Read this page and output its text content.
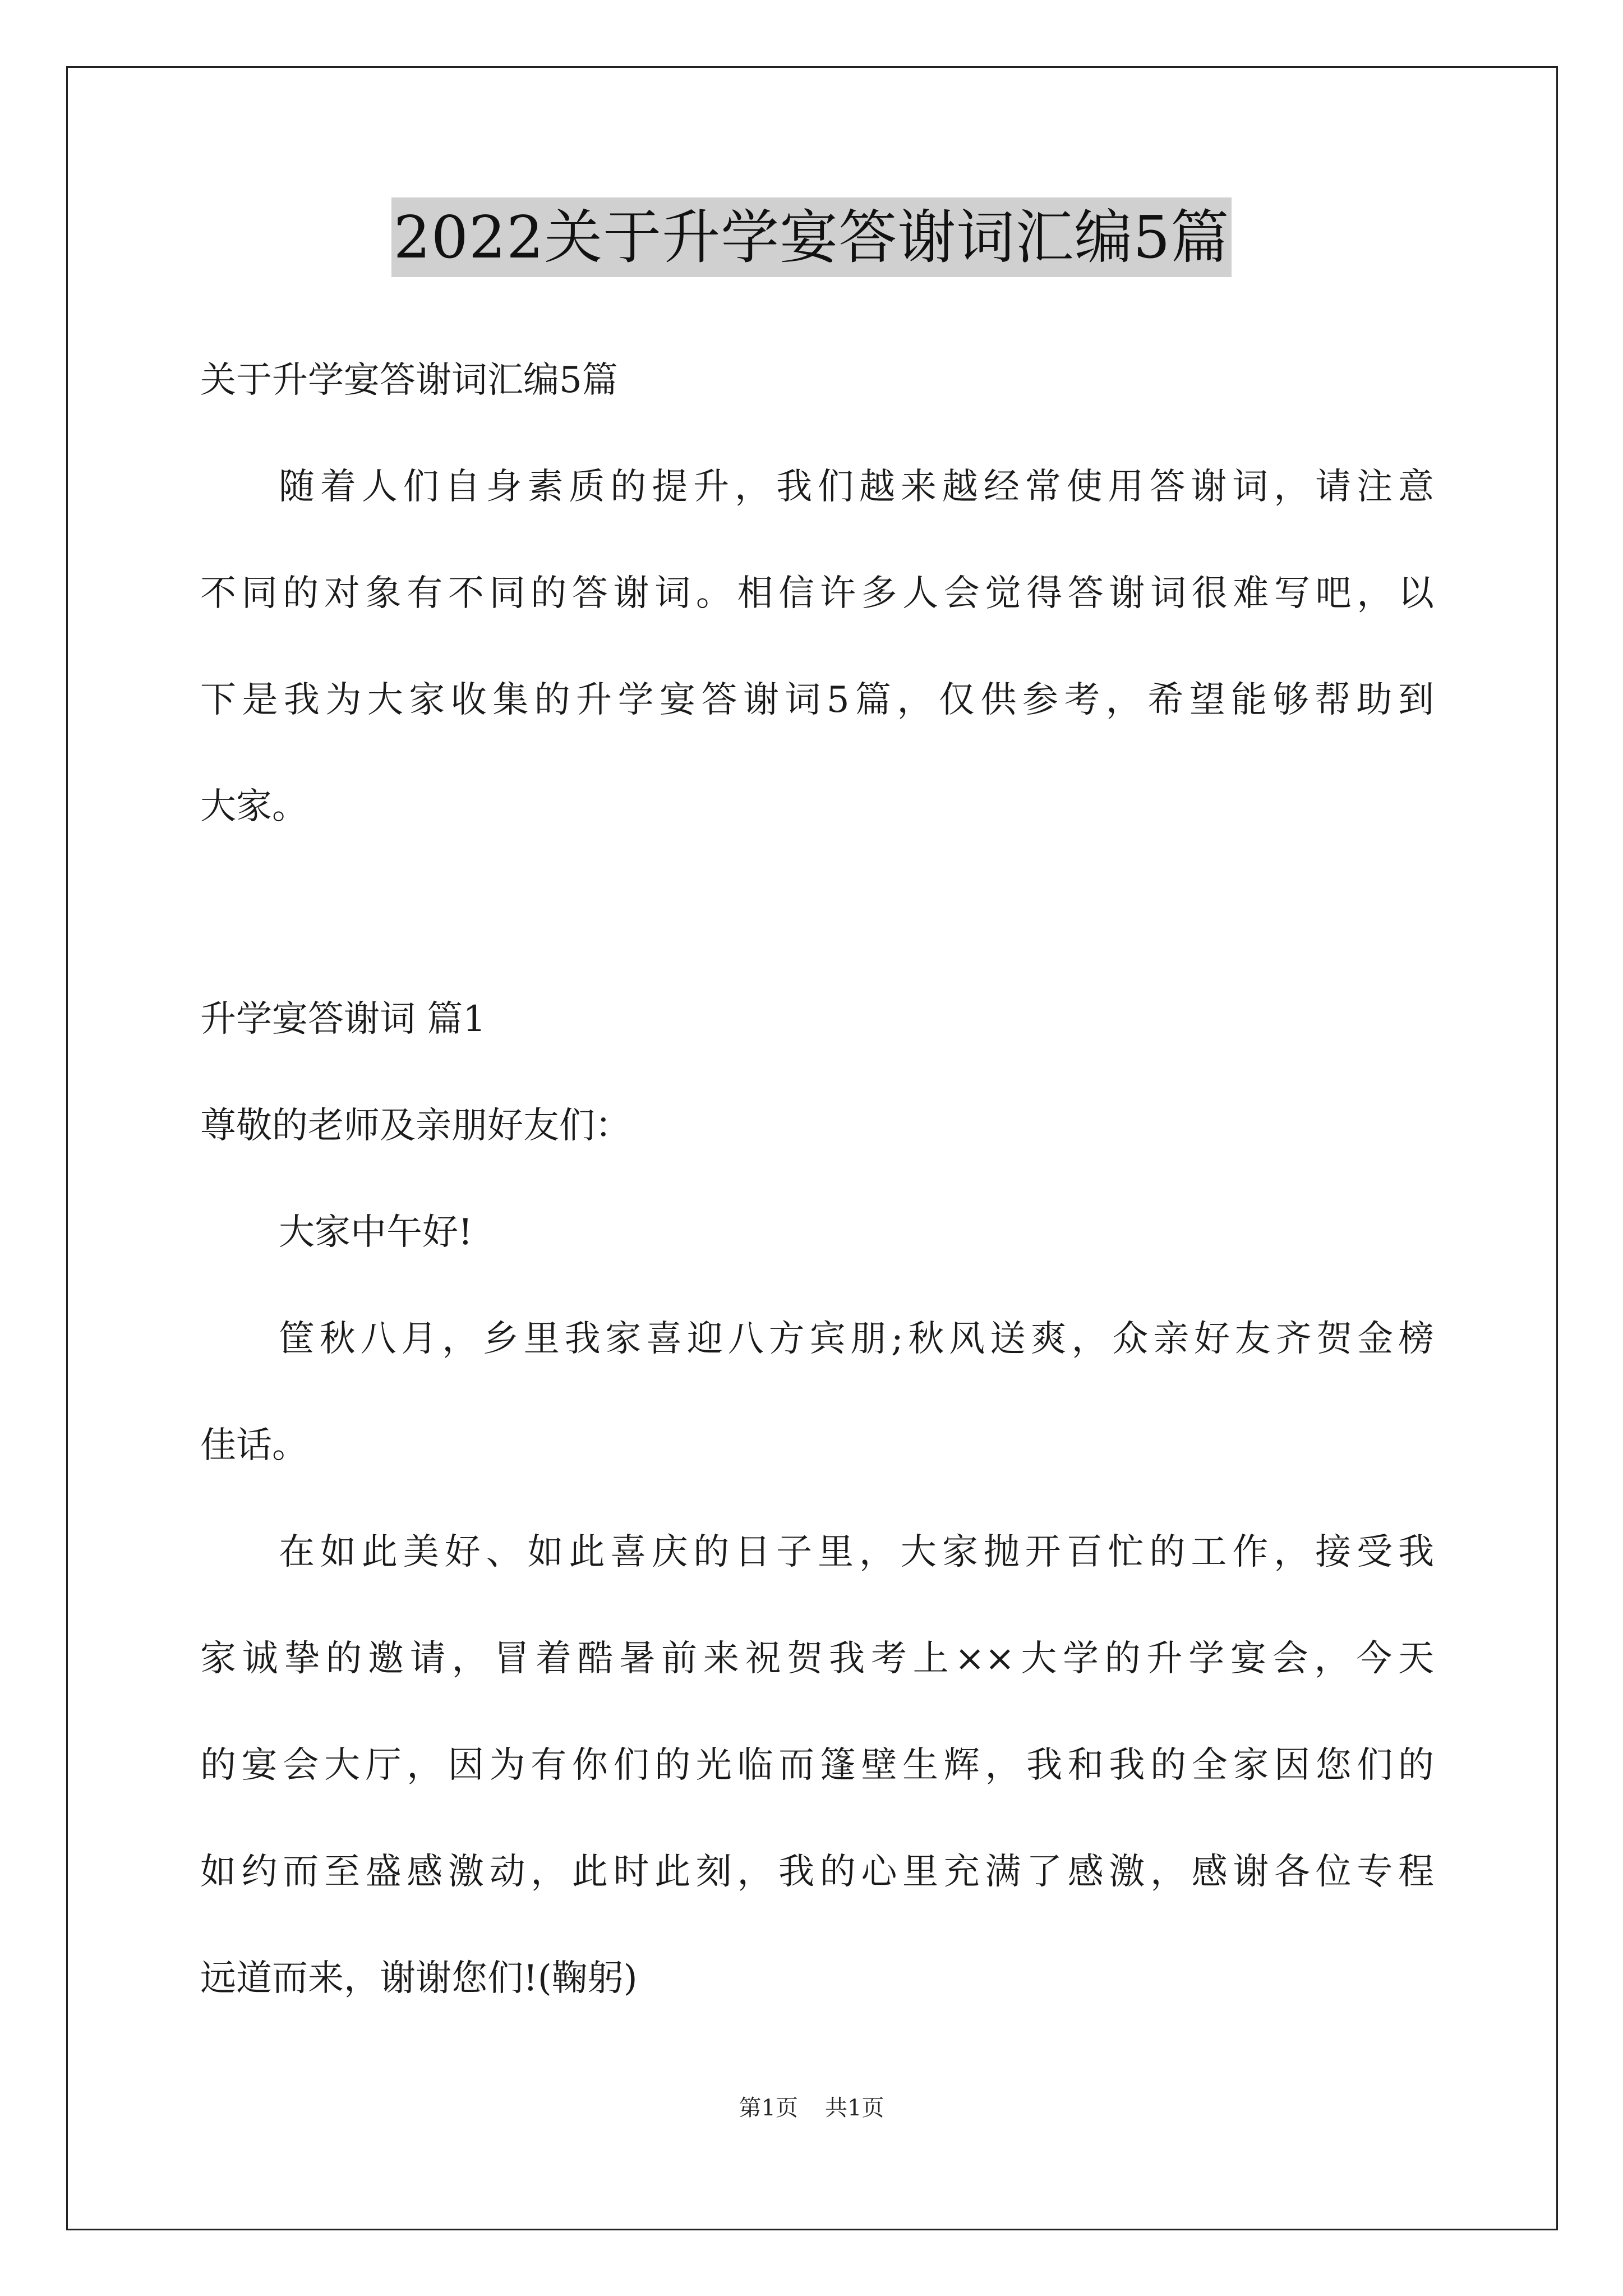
2022关于升学宴答谢词汇编5篇
关于升学宴答谢词汇编5篇
随着人们自身素质的提升，我们越来越经常使用答谢词，请注意
不同的对象有不同的答谢词。相信许多人会觉得答谢词很难写吧，以
下是我为大家收集的升学宴答谢词5篇，仅供参考，希望能够帮助到
大家。
升学宴答谢词 篇1
尊敬的老师及亲朋好友们：
大家中午好!
筐秋八月，乡里我家喜迎八方宾朋;秋风送爽，众亲好友齐贺金榜
佳话。
在如此美好、如此喜庆的日子里，大家抛开百忙的工作，接受我
家诚挚的邀请，冒着酷暑前来祝贺我考上××大学的升学宴会，今天
的宴会大厅，因为有你们的光临而篷壁生辉，我和我的全家因您们的
如约而至盛感激动，此时此刻，我的心里充满了感激，感谢各位专程
远道而来，谢谢您们!(鞠躬)
第1页 共1页
